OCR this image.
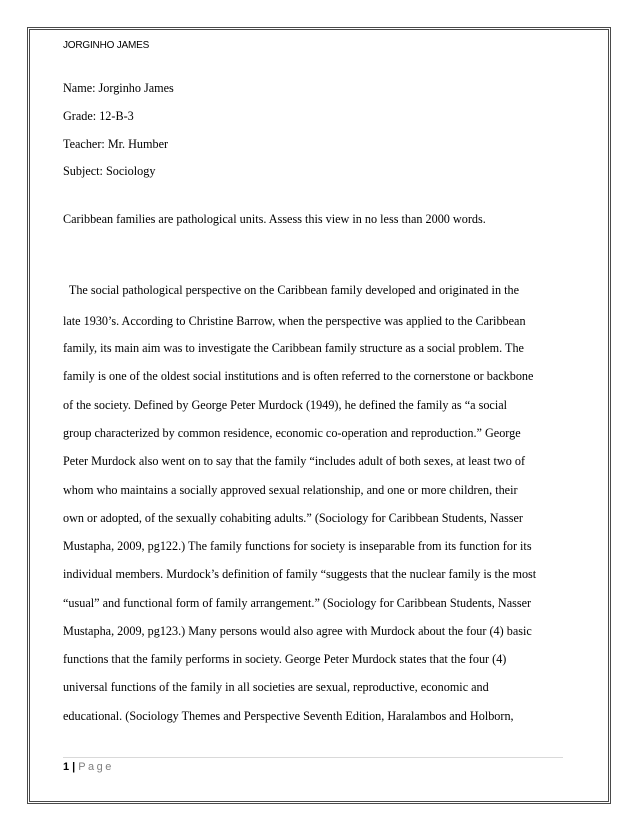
JORGINHO JAMES
Name: Jorginho James
Grade: 12-B-3
Teacher: Mr. Humber
Subject: Sociology
Caribbean families are pathological units. Assess this view in no less than 2000 words.
The social pathological perspective on the Caribbean family developed and originated in the
late 1930’s. According to Christine Barrow, when the perspective was applied to the Caribbean
family, its main aim was to investigate the Caribbean family structure as a social problem. The
family is one of the oldest social institutions and is often referred to the cornerstone or backbone
of the society. Defined by George Peter Murdock (1949), he defined the family as “a social
group characterized by common residence, economic co-operation and reproduction.” George
Peter Murdock also went on to say that the family “includes adult of both sexes, at least two of
whom who maintains a socially approved sexual relationship, and one or more children, their
own or adopted, of the sexually cohabiting adults.” (Sociology for Caribbean Students, Nasser
Mustapha, 2009, pg122.) The family functions for society is inseparable from its function for its
individual members. Murdock’s definition of family “suggests that the nuclear family is the most
“usual” and functional form of family arrangement.” (Sociology for Caribbean Students, Nasser
Mustapha, 2009, pg123.) Many persons would also agree with Murdock about the four (4) basic
functions that the family performs in society. George Peter Murdock states that the four (4)
universal functions of the family in all societies are sexual, reproductive, economic and
educational. (Sociology Themes and Perspective Seventh Edition, Haralambos and Holborn,
1 | Page
